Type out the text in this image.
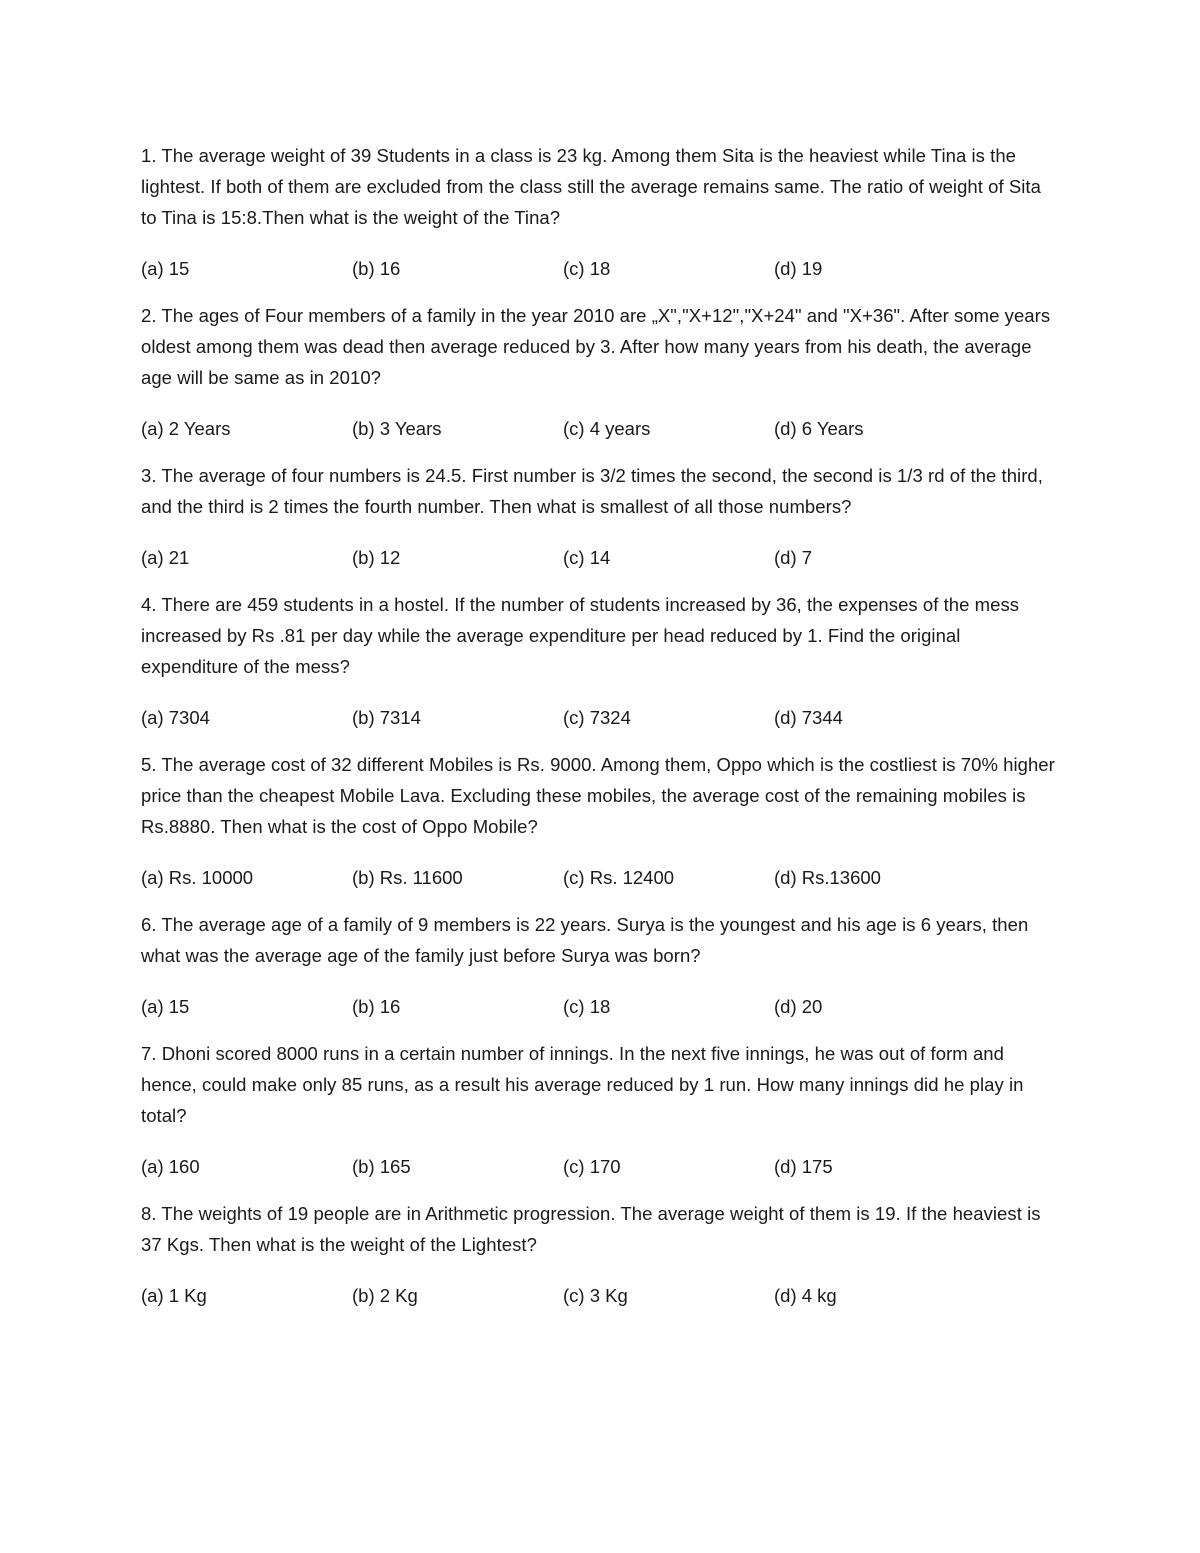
1. The average weight of 39 Students in a class is 23 kg. Among them Sita is the heaviest while Tina is the lightest. If both of them are excluded from the class still the average remains same. The ratio of weight of Sita to Tina is 15:8.Then what is the weight of the Tina?

(a) 15	(b) 16	(c) 18	(d) 19

2. The ages of Four members of a family in the year 2010 are „X","X+12","X+24" and "X+36". After some years oldest among them was dead then average reduced by 3. After how many years from his death, the average age will be same as in 2010?

(a) 2 Years	(b) 3 Years	(c) 4 years	(d) 6 Years

3. The average of four numbers is 24.5. First number is 3/2 times the second, the second is 1/3 rd of the third, and the third is 2 times the fourth number. Then what is smallest of all those numbers?

(a) 21	(b) 12	(c) 14	(d) 7

4. There are 459 students in a hostel. If the number of students increased by 36, the expenses of the mess increased by Rs .81 per day while the average expenditure per head reduced by 1. Find the original expenditure of the mess?

(a) 7304	(b) 7314	(c) 7324	(d) 7344

5. The average cost of 32 different Mobiles is Rs. 9000. Among them, Oppo which is the costliest is 70% higher price than the cheapest Mobile Lava. Excluding these mobiles, the average cost of the remaining mobiles is Rs.8880. Then what is the cost of Oppo Mobile?

(a) Rs. 10000	(b) Rs. 11600	(c) Rs. 12400	(d) Rs.13600

6. The average age of a family of 9 members is 22 years. Surya is the youngest and his age is 6 years, then what was the average age of the family just before Surya was born?

(a) 15	(b) 16	(c) 18	(d) 20

7. Dhoni scored 8000 runs in a certain number of innings. In the next five innings, he was out of form and hence, could make only 85 runs, as a result his average reduced by 1 run. How many innings did he play in total?

(a) 160	(b) 165	(c) 170	(d) 175

8. The weights of 19 people are in Arithmetic progression. The average weight of them is 19. If the heaviest is 37 Kgs. Then what is the weight of the Lightest?

(a) 1 Kg	(b) 2 Kg	(c) 3 Kg	(d) 4 kg
